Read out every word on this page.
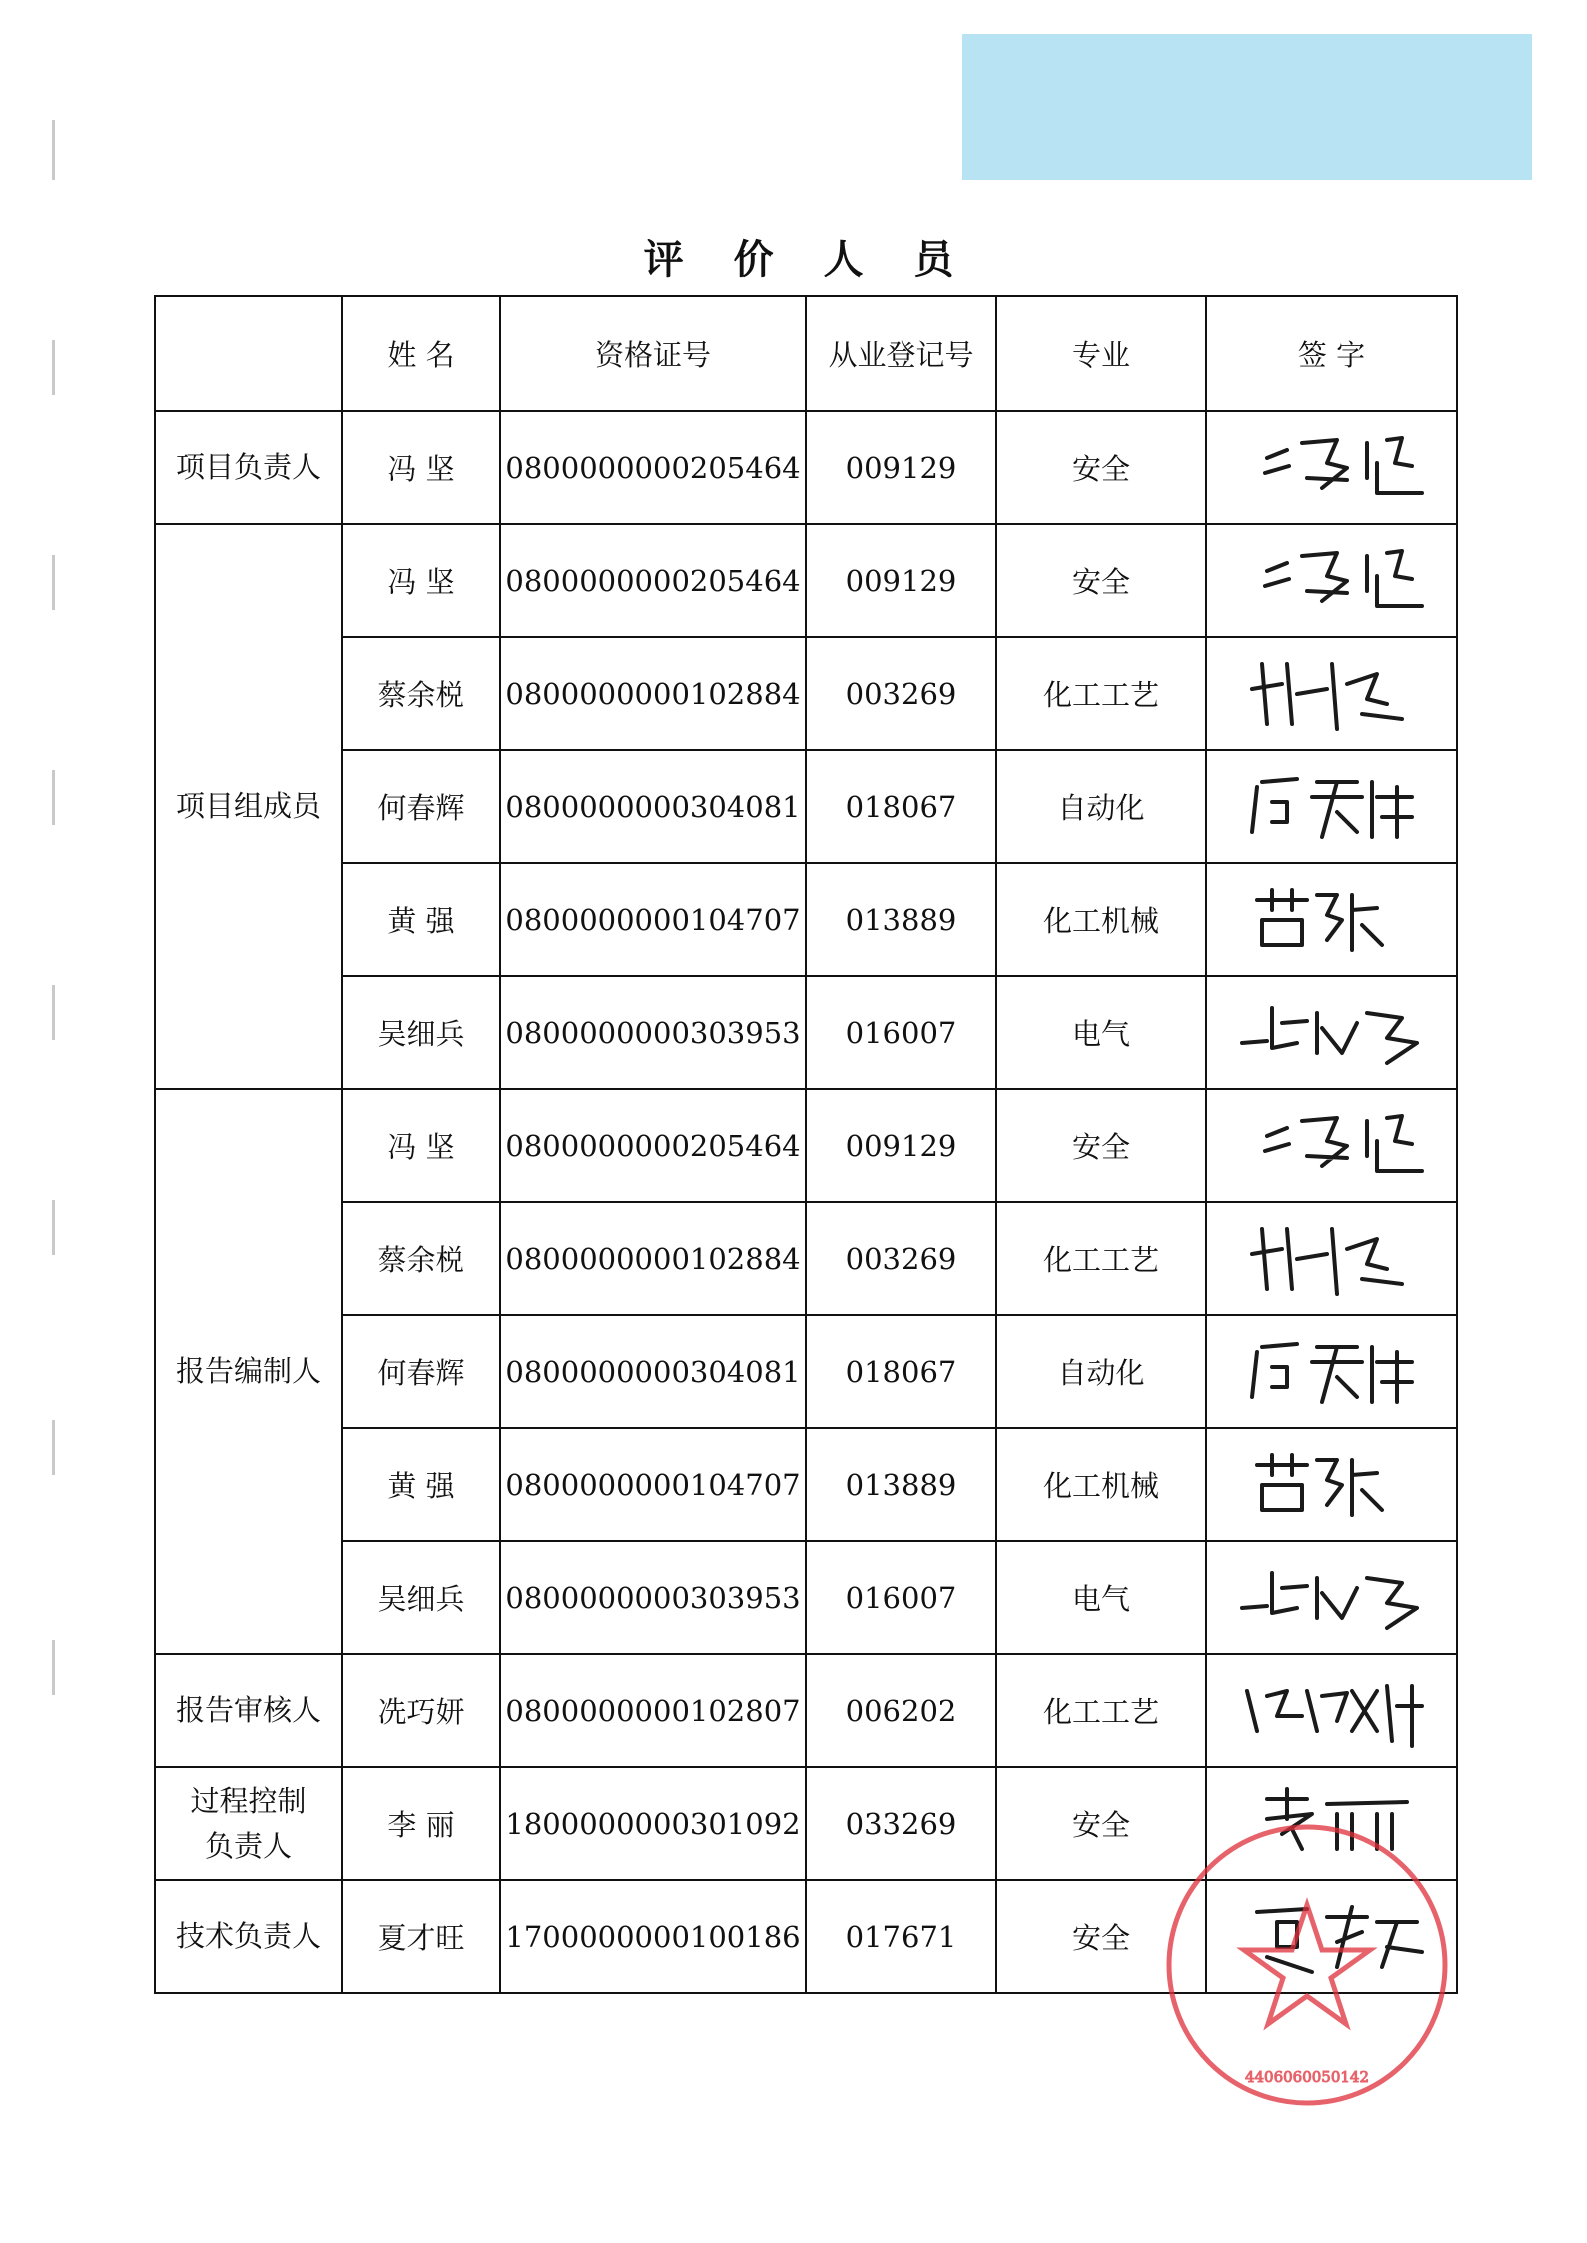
评 价 人 员
	姓 名	资格证号	从业登记号	专业	签 字
项目负责人	冯 坚	0800000000205464	009129	安全	

项目组成员	冯 坚	0800000000205464	009129	安全	

	蔡余棁	0800000000102884	003269	化工工艺	

	何春辉	0800000000304081	018067	自动化	

	黄 强	0800000000104707	013889	化工机械	

	吴细兵	0800000000303953	016007	电气	

报告编制人	冯 坚	0800000000205464	009129	安全	

	蔡余棁	0800000000102884	003269	化工工艺	

	何春辉	0800000000304081	018067	自动化	

	黄 强	0800000000104707	013889	化工机械	

	吴细兵	0800000000303953	016007	电气	

报告审核人	冼巧妍	0800000000102807	006202	化工工艺	

过程控制
负责人	李 丽	1800000000301092	033269	安全	

技术负责人	夏才旺	1700000000100186	017671	安全	
4406060050142
